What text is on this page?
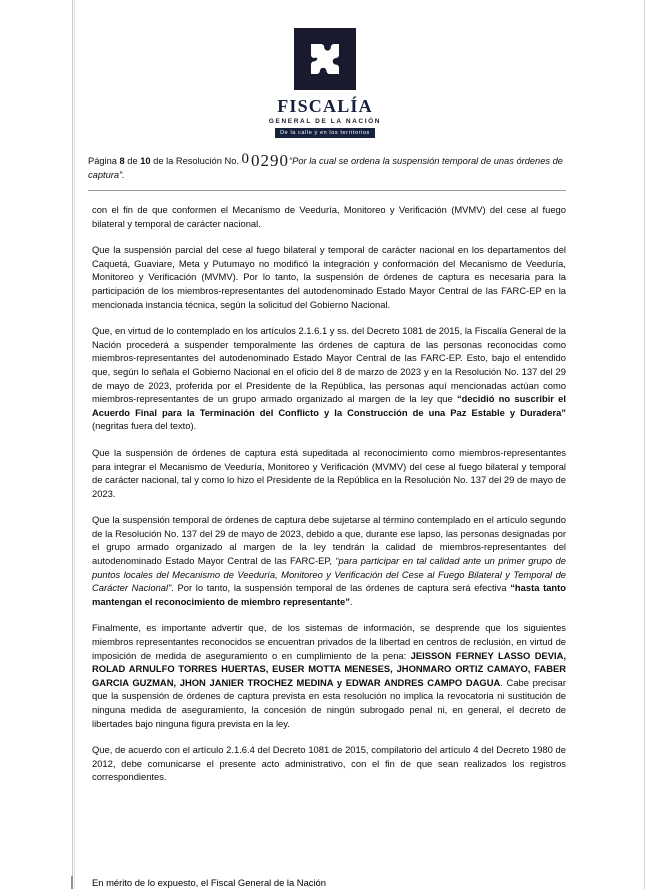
FISCALÍA
GENERAL DE LA NACIÓN
De la calle y en los territorios
Página 8 de 10 de la Resolución No. 0 0290“Por la cual se ordena la suspensión temporal de unas órdenes de captura”.

con el fin de que conformen el Mecanismo de Veeduría, Monitoreo y Verificación (MVMV) del cese al fuego bilateral y temporal de carácter nacional.

Que la suspensión parcial del cese al fuego bilateral y temporal de carácter nacional en los departamentos del Caquetá, Guaviare, Meta y Putumayo no modificó la integración y conformación del Mecanismo de Veeduría, Monitoreo y Verificación (MVMV). Por lo tanto, la suspensión de órdenes de captura es necesaria para la participación de los miembros-representantes del autodenominado Estado Mayor Central de las FARC-EP en la mencionada instancia técnica, según la solicitud del Gobierno Nacional.

Que, en virtud de lo contemplado en los artículos 2.1.6.1 y ss. del Decreto 1081 de 2015, la Fiscalía General de la Nación procederá a suspender temporalmente las órdenes de captura de las personas reconocidas como miembros-representantes del autodenominado Estado Mayor Central de las FARC-EP. Esto, bajo el entendido que, según lo señala el Gobierno Nacional en el oficio del 8 de marzo de 2023 y en la Resolución No. 137 del 29 de mayo de 2023, proferida por el Presidente de la República, las personas aquí mencionadas actúan como miembros-representantes de un grupo armado organizado al margen de la ley que “decidió no suscribir el Acuerdo Final para la Terminación del Conflicto y la Construcción de una Paz Estable y Duradera” (negritas fuera del texto).

Que la suspensión de órdenes de captura está supeditada al reconocimiento como miembros-representantes para integrar el Mecanismo de Veeduría, Monitoreo y Verificación (MVMV) del cese al fuego bilateral y temporal de carácter nacional, tal y como lo hizo el Presidente de la República en la Resolución No. 137 del 29 de mayo de 2023.

Que la suspensión temporal de órdenes de captura debe sujetarse al término contemplado en el artículo segundo de la Resolución No. 137 del 29 de mayo de 2023, debido a que, durante ese lapso, las personas designadas por el grupo armado organizado al margen de la ley tendrán la calidad de miembros-representantes del autodenominado Estado Mayor Central de las FARC-EP, “para participar en tal calidad ante un primer grupo de puntos locales del Mecanismo de Veeduría, Monitoreo y Verificación del Cese al Fuego Bilateral y Temporal de Carácter Nacional”. Por lo tanto, la suspensión temporal de las órdenes de captura será efectiva “hasta tanto mantengan el reconocimiento de miembro representante”.

Finalmente, es importante advertir que, de los sistemas de información, se desprende que los siguientes miembros representantes reconocidos se encuentran privados de la libertad en centros de reclusión, en virtud de imposición de medida de aseguramiento o en cumplimiento de la pena: JEISSON FERNEY LASSO DEVIA, ROLAD ARNULFO TORRES HUERTAS, EUSER MOTTA MENESES, JHONMARO ORTIZ CAMAYO, FABER GARCIA GUZMAN, JHON JANIER TROCHEZ MEDINA y EDWAR ANDRES CAMPO DAGUA. Cabe precisar que la suspensión de órdenes de captura prevista en esta resolución no implica la revocatoria ni sustitución de ninguna medida de aseguramiento, la concesión de ningún subrogado penal ni, en general, el decreto de libertades bajo ninguna figura prevista en la ley.

Que, de acuerdo con el artículo 2.1.6.4 del Decreto 1081 de 2015, compilatorio del artículo 4 del Decreto 1980 de 2012, debe comunicarse el presente acto administrativo, con el fin de que sean realizados los registros correspondientes.

En mérito de lo expuesto, el Fiscal General de la Nación
